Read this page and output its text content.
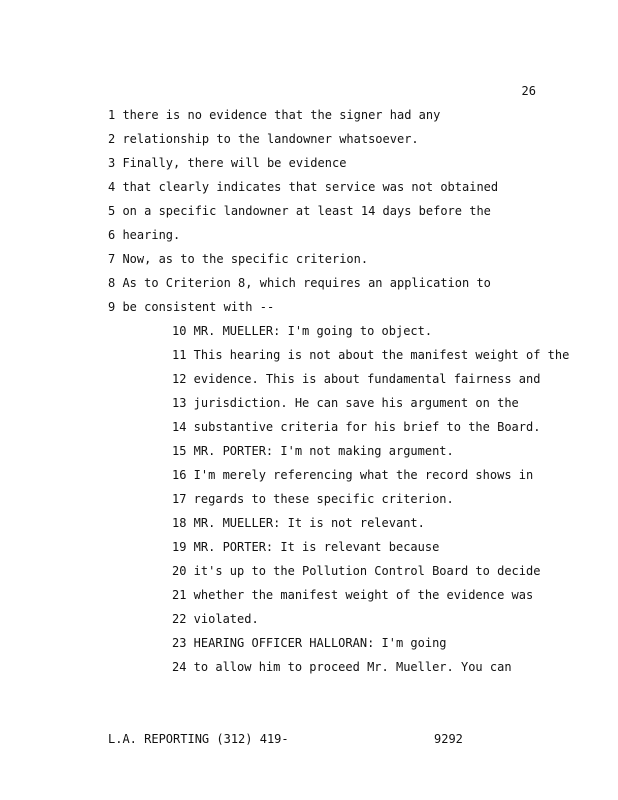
26
1 there is no evidence that the signer had any
2 relationship to the landowner whatsoever.
3 Finally, there will be evidence
4 that clearly indicates that service was not obtained
5 on a specific landowner at least 14 days before the
6 hearing.
7 Now, as to the specific criterion.
8 As to Criterion 8, which requires an application to
9 be consistent with --
10 MR. MUELLER: I'm going to object.
11 This hearing is not about the manifest weight of the
12 evidence. This is about fundamental fairness and
13 jurisdiction. He can save his argument on the
14 substantive criteria for his brief to the Board.
15 MR. PORTER: I'm not making argument.
16 I'm merely referencing what the record shows in
17 regards to these specific criterion.
18 MR. MUELLER: It is not relevant.
19 MR. PORTER: It is relevant because
20 it's up to the Pollution Control Board to decide
21 whether the manifest weight of the evidence was
22 violated.
23 HEARING OFFICER HALLORAN: I'm going
24 to allow him to proceed Mr. Mueller. You can
L.A. REPORTING (312) 419-	9292
